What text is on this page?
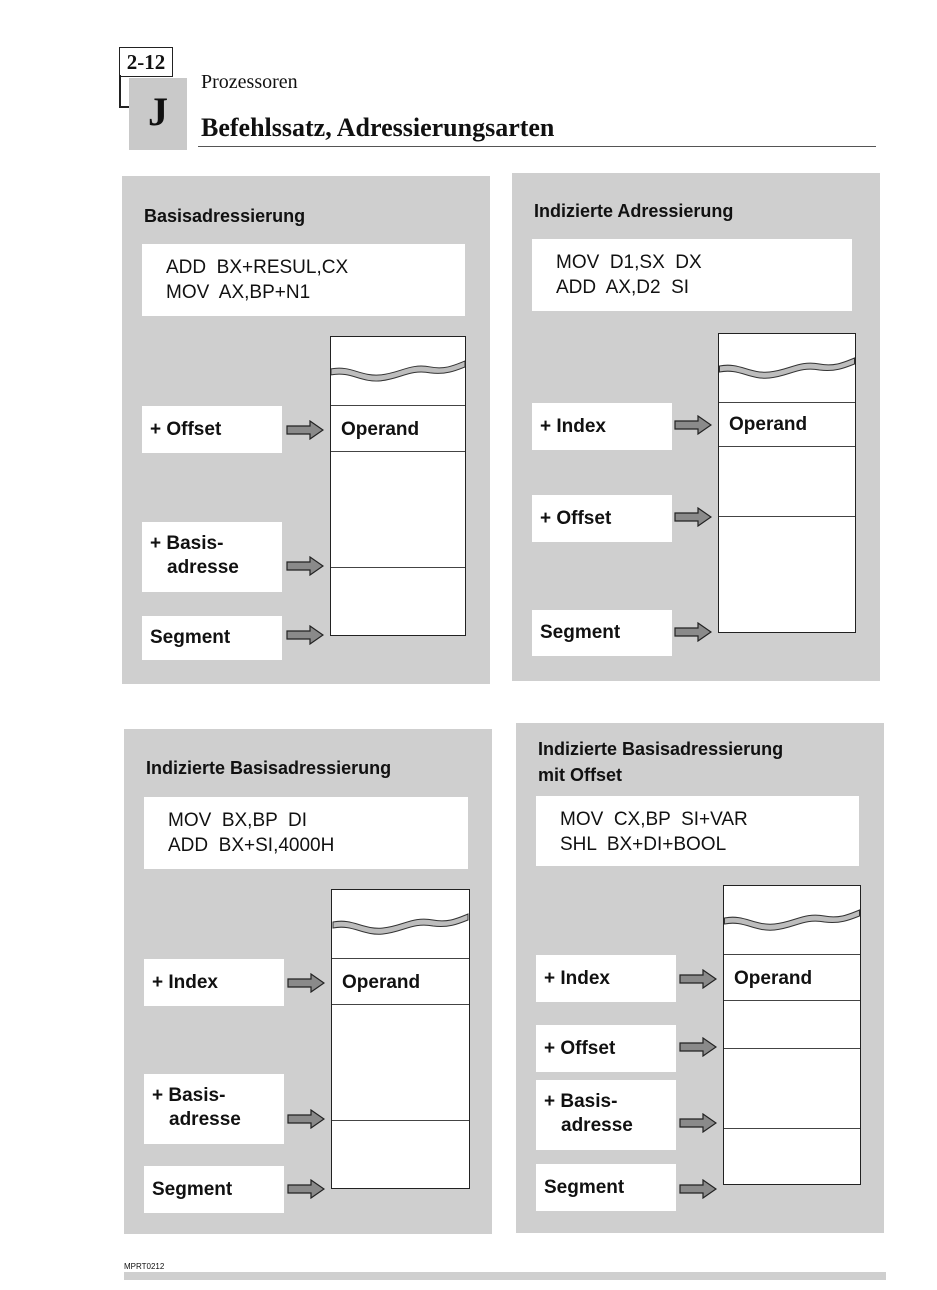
2-12
J
Prozessoren
Befehlssatz, Adressierungsarten
Basisadressierung
ADD  BX+RESUL,CX
MOV  AX,BP+N1
Operand
+ Offset
+ Basis-
adresse
Segment
Indizierte Adressierung
MOV  D1,SX  DX
ADD  AX,D2  SI
Operand
+ Index
+ Offset
Segment
Indizierte Basisadressierung
MOV  BX,BP  DI
ADD  BX+SI,4000H
Operand
+ Index
+ Basis-
adresse
Segment
Indizierte Basisadressierung
mit Offset
MOV  CX,BP  SI+VAR
SHL  BX+DI+BOOL
Operand
+ Index
+ Offset
+ Basis-
adresse
Segment
MPRT0212
